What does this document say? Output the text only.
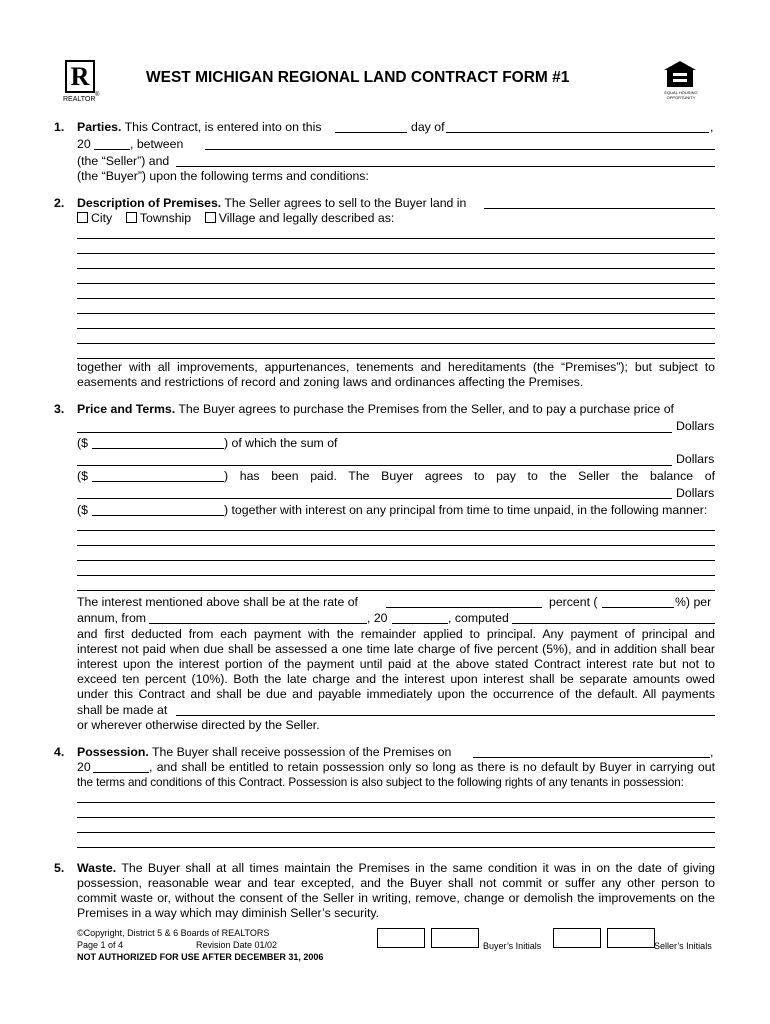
R
REALTOR
®
WEST MICHIGAN REGIONAL LAND CONTRACT FORM #1
EQUAL HOUSING OPPORTUNITY
1. Parties. This Contract, is entered into on this	day of	,
20	, between
(the “Seller”) and
(the “Buyer”) upon the following terms and conditions:
2. Description of Premises. The Seller agrees to sell to the Buyer land in
City Township Village and legally described as:
together with all improvements, appurtenances, tenements and hereditaments (the “Premises”); but subject to
easements and restrictions of record and zoning laws and ordinances affecting the Premises.
3. Price and Terms. The Buyer agrees to purchase the Premises from the Seller, and to pay a purchase price of
Dollars
($	) of which the sum of
Dollars
($	) has been paid. The Buyer agrees to pay to the Seller the balance of
Dollars
($	) together with interest on any principal from time to time unpaid, in the following manner:
The interest mentioned above shall be at the rate of	percent (	%) per
annum, from	, 20	, computed
and first deducted from each payment with the remainder applied to principal. Any payment of principal and
interest not paid when due shall be assessed a one time late charge of five percent (5%), and in addition shall bear
interest upon the interest portion of the payment until paid at the above stated Contract interest rate but not to
exceed ten percent (10%). Both the late charge and the interest upon interest shall be separate amounts owed
under this Contract and shall be due and payable immediately upon the occurrence of the default. All payments
shall be made at
or wherever otherwise directed by the Seller.
4. Possession. The Buyer shall receive possession of the Premises on	,
20	, and shall be entitled to retain possession only so long as there is no default by Buyer in carrying out
the terms and conditions of this Contract. Possession is also subject to the following rights of any tenants in possession:
5. Waste. The Buyer shall at all times maintain the Premises in the same condition it was in on the date of giving
possession, reasonable wear and tear excepted, and the Buyer shall not commit or suffer any other person to
commit waste or, without the consent of the Seller in writing, remove, change or demolish the improvements on the
Premises in a way which may diminish Seller’s security.
©Copyright, District 5 & 6 Boards of REALTORS
Page 1 of 4	Revision Date 01/02
NOT AUTHORIZED FOR USE AFTER DECEMBER 31, 2006
Buyer’s Initials	Seller’s Initials
